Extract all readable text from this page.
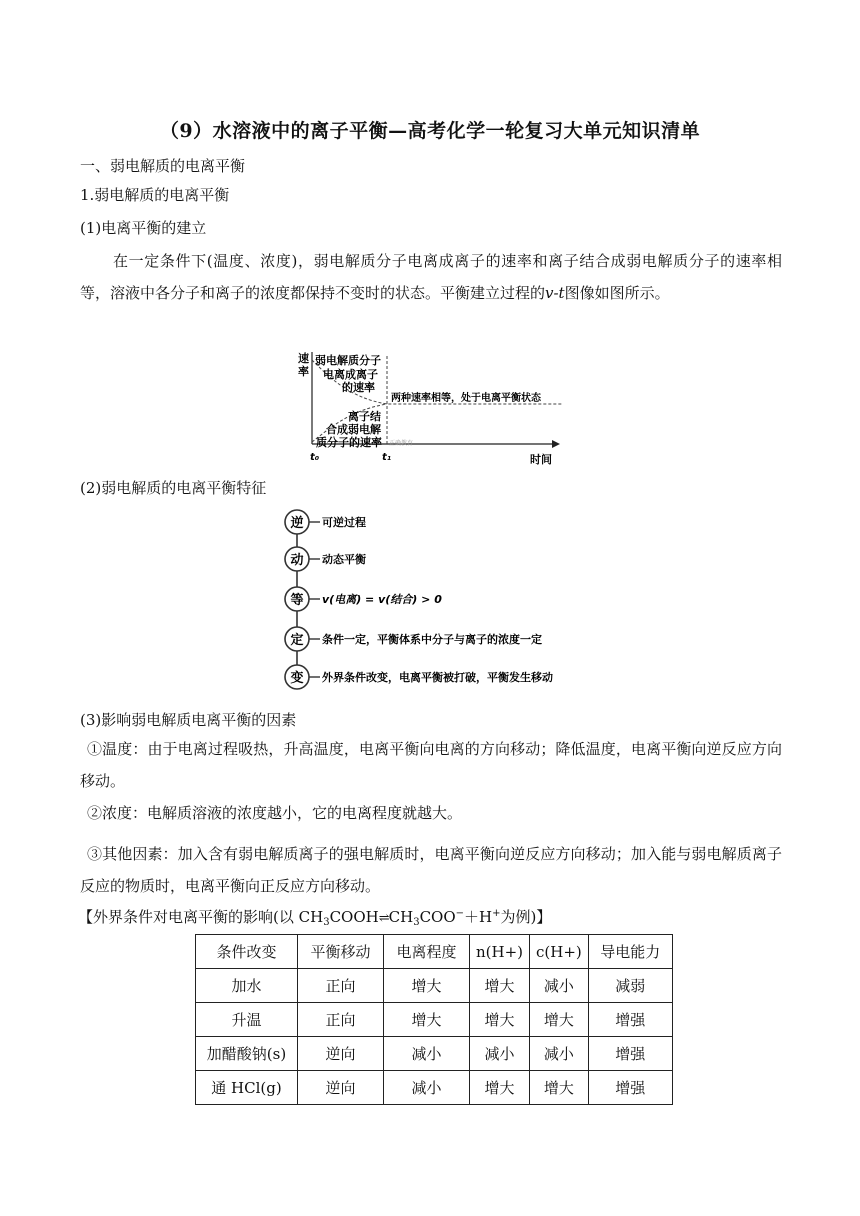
（9）水溶液中的离子平衡—高考化学一轮复习大单元知识清单
一、弱电解质的电离平衡
1.弱电解质的电离平衡
(1)电离平衡的建立
在一定条件下(温度、浓度)，弱电解质分子电离成离子的速率和离子结合成弱电解质分子的速率相等，溶液中各分子和离子的浓度都保持不变时的状态。平衡建立过程的v-t图像如图所示。
速
率
弱电解质分子
电离成离子
的速率
两种速率相等，处于电离平衡状态
离子结
合成弱电解
质分子的速率 正确教育
t₀	t₁	时间
(2)弱电解质的电离平衡特征
逆 可逆过程
动 动态平衡
等 v(电离) = v(结合) > 0
定 条件一定，平衡体系中分子与离子的浓度一定
变 外界条件改变，电离平衡被打破，平衡发生移动
(3)影响弱电解质电离平衡的因素
①温度：由于电离过程吸热，升高温度，电离平衡向电离的方向移动；降低温度，电离平衡向逆反应方向移动。
②浓度：电解质溶液的浓度越小，它的电离程度就越大。
③其他因素：加入含有弱电解质离子的强电解质时，电离平衡向逆反应方向移动；加入能与弱电解质离子反应的物质时，电离平衡向正反应方向移动。
【外界条件对电离平衡的影响(以 $CH_3COOH\rightleftharpoons CH_3COO^-+H^+$为例)】
条件改变	平衡移动	电离程度	n(H+)	c(H+)	导电能力
加水	正向	增大	增大	减小	减弱
升温	正向	增大	增大	增大	增强
加醋酸钠(s)	逆向	减小	减小	减小	增强
通 HCl(g)	逆向	减小	增大	增大	增强
